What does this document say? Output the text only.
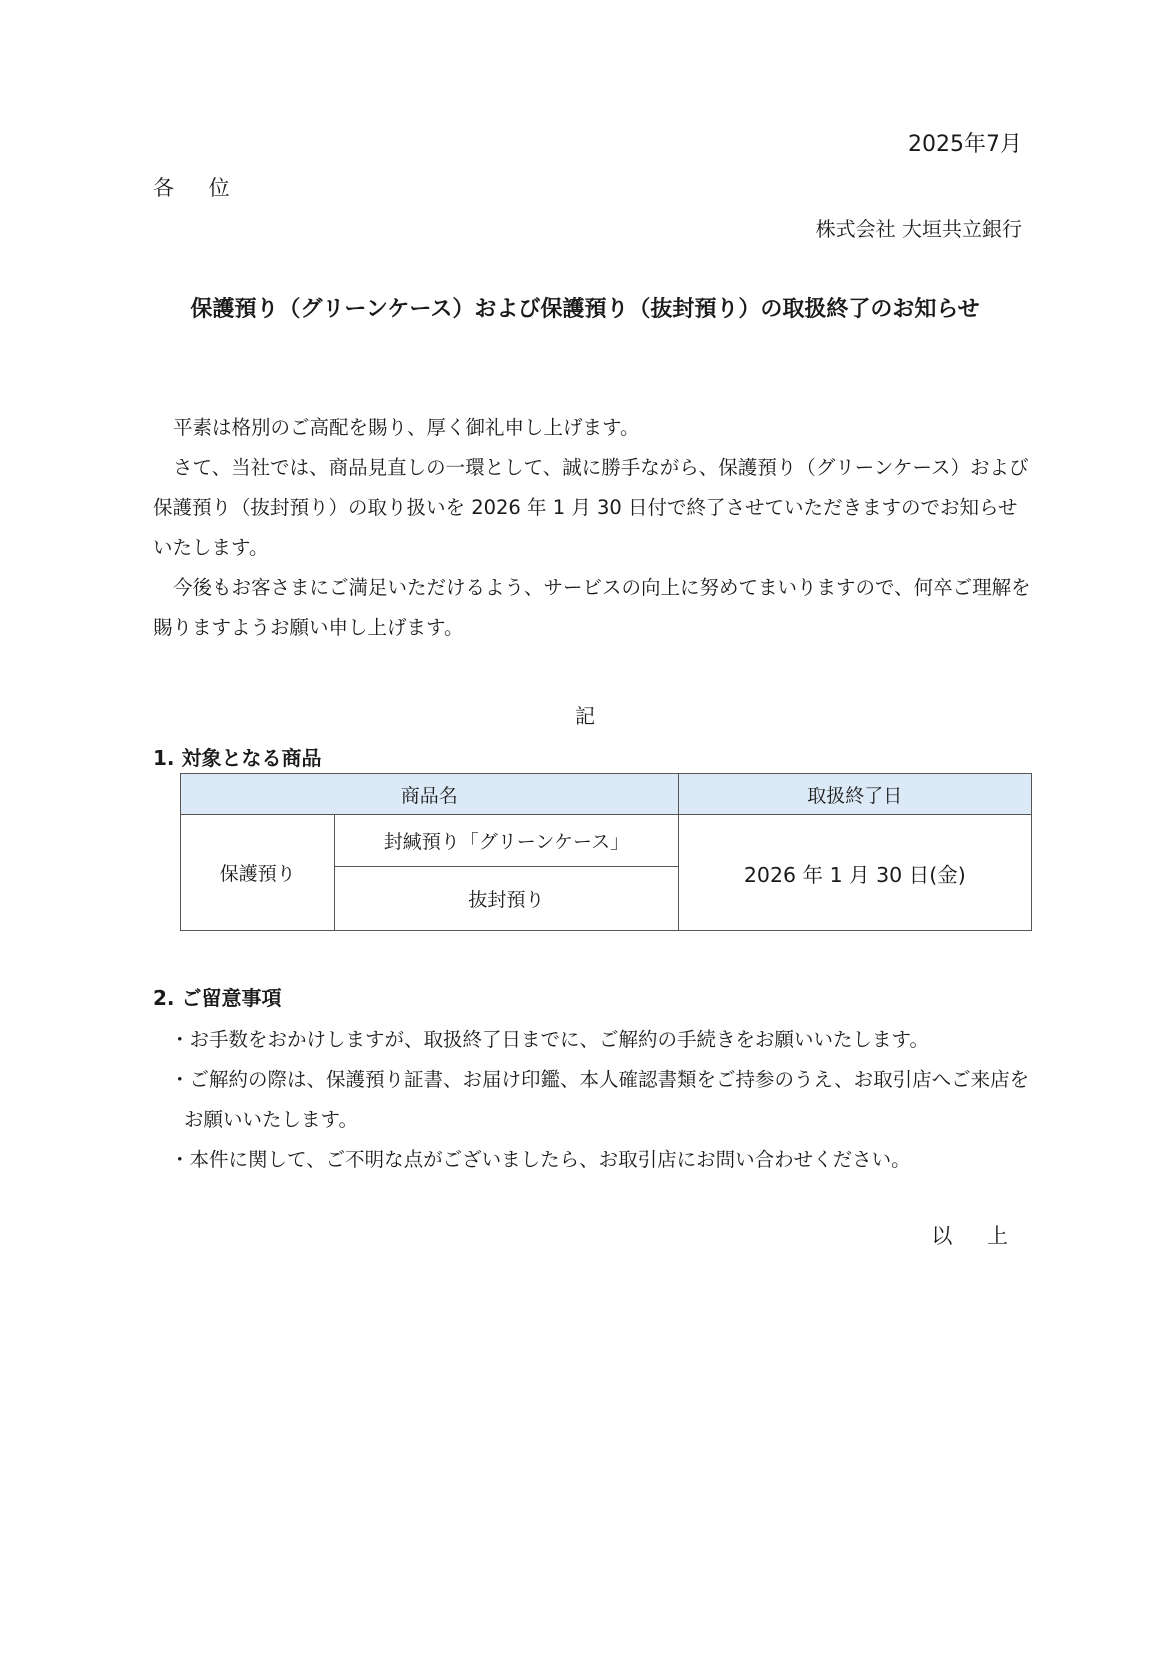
2025年7月
各 位
株式会社 大垣共立銀行
保護預り（グリーンケース）および保護預り（抜封預り）の取扱終了のお知らせ

平素は格別のご高配を賜り、厚く御礼申し上げます。

さて、当社では、商品見直しの一環として、誠に勝手ながら、保護預り（グリーンケース）および

保護預り（抜封預り）の取り扱いを 2026 年 1 月 30 日付で終了させていただきますのでお知らせ

いたします。

今後もお客さまにご満足いただけるよう、サービスの向上に努めてまいりますので、何卒ご理解を

賜りますようお願い申し上げます。

記
1. 対象となる商品
商品名		取扱終了日
保護預り	封緘預り「グリーンケース」	2026 年 1 月 30 日(金)
	抜封預り	
2. ご留意事項

・お手数をおかけしますが、取扱終了日までに、ご解約の手続きをお願いいたします。

・ご解約の際は、保護預り証書、お届け印鑑、本人確認書類をご持参のうえ、お取引店へご来店を

お願いいたします。

・本件に関して、ご不明な点がございましたら、お取引店にお問い合わせください。

以 上
